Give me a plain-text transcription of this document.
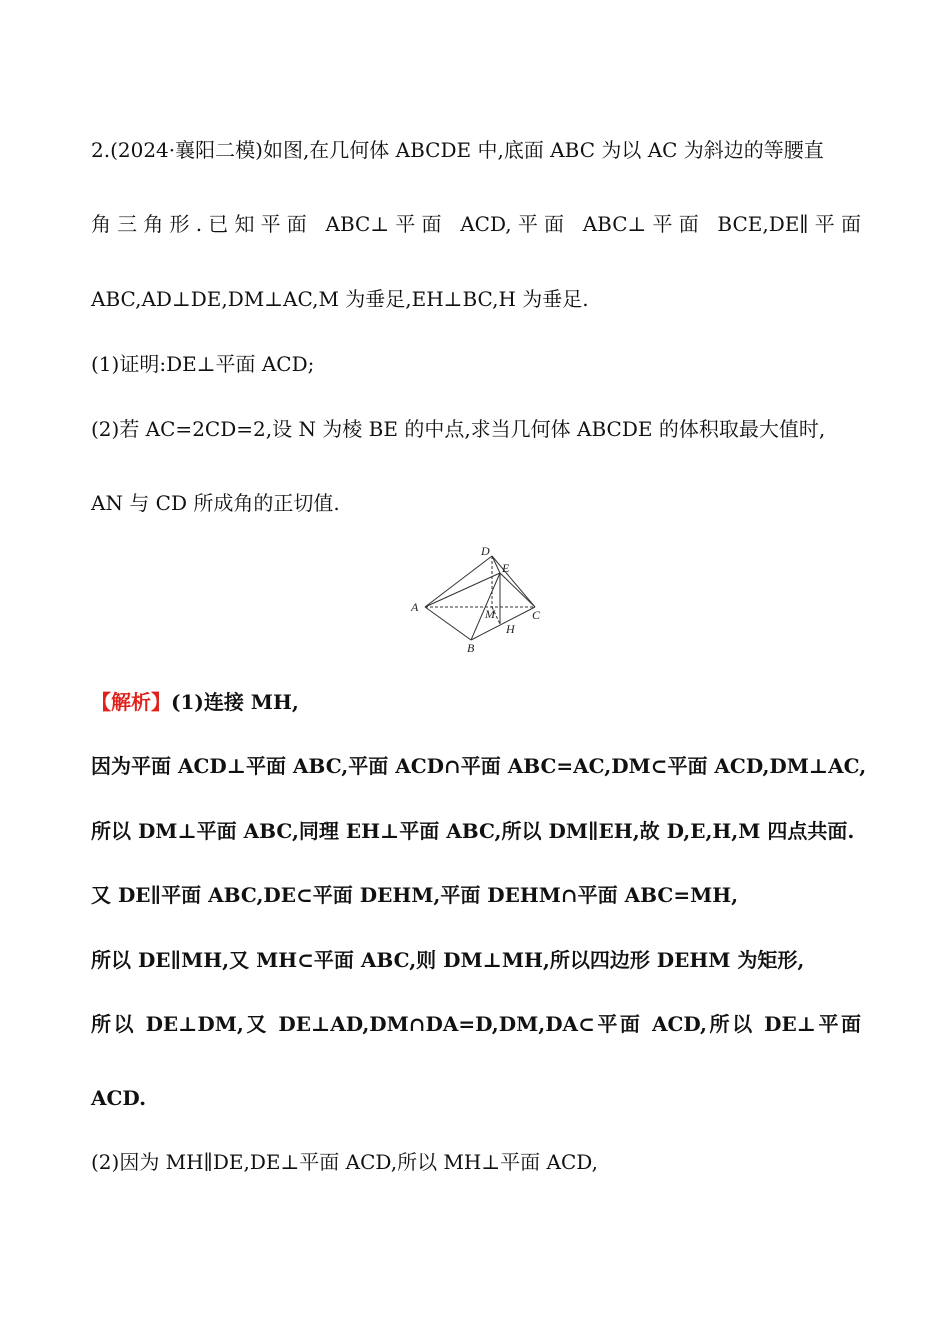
2.(2024·襄阳二模)如图,在几何体 ABCDE 中,底面 ABC 为以 AC 为斜边的等腰直
角三角形.已知平面 ABC⊥平面 ACD,平面 ABC⊥平面 BCE,DE∥平面
ABC,AD⊥DE,DM⊥AC,M 为垂足,EH⊥BC,H 为垂足.
(1)证明:DE⊥平面 ACD;
(2)若 AC=2CD=2,设 N 为棱 BE 的中点,求当几何体 ABCDE 的体积取最大值时,
AN 与 CD 所成角的正切值.
D
E
A
B
C
M
H
【解析】(1)连接 MH,
因为平面 ACD⊥平面 ABC,平面 ACD∩平面 ABC=AC,DM⊂平面 ACD,DM⊥AC,
所以 DM⊥平面 ABC,同理 EH⊥平面 ABC,所以 DM∥EH,故 D,E,H,M 四点共面.
又 DE∥平面 ABC,DE⊂平面 DEHM,平面 DEHM∩平面 ABC=MH,
所以 DE∥MH,又 MH⊂平面 ABC,则 DM⊥MH,所以四边形 DEHM 为矩形,
所以 DE⊥DM,又 DE⊥AD,DM∩DA=D,DM,DA⊂平面 ACD,所以 DE⊥平面
ACD.
(2)因为 MH∥DE,DE⊥平面 ACD,所以 MH⊥平面 ACD,
